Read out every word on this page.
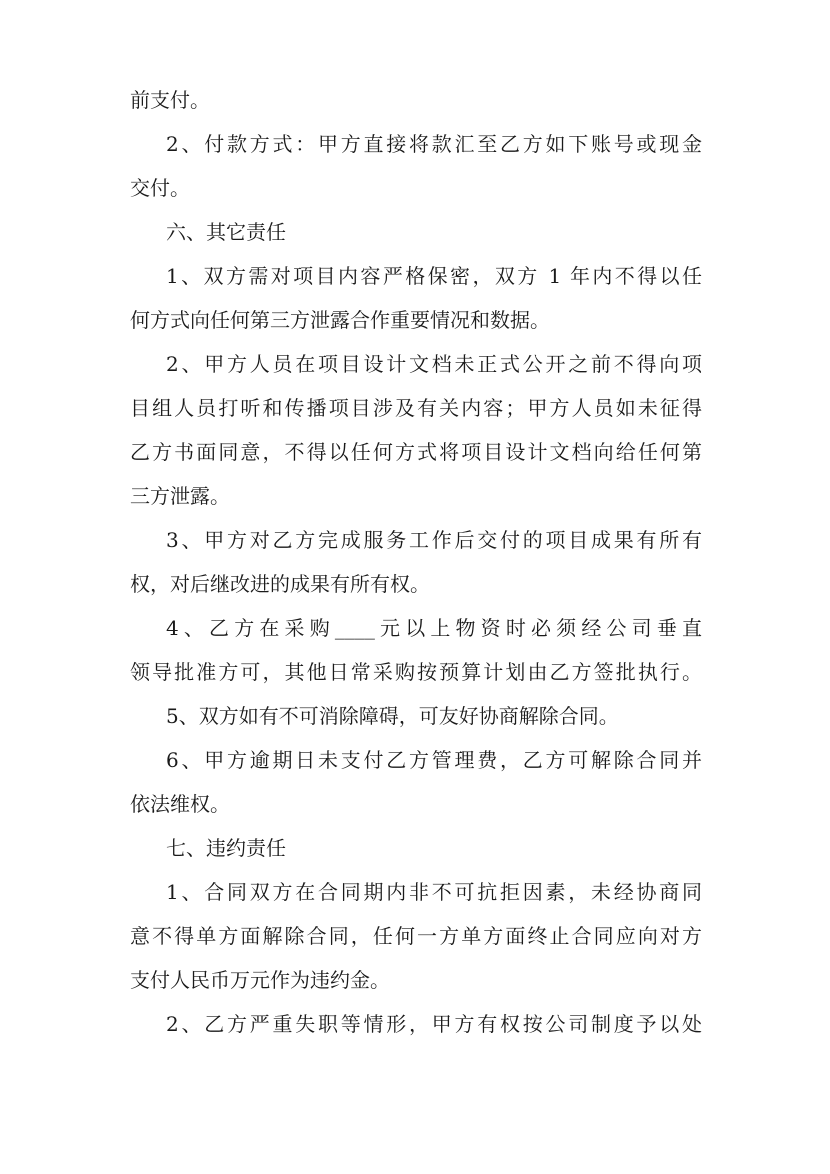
前支付。
2、付款方式：甲方直接将款汇至乙方如下账号或现金
交付。
六、其它责任
1、双方需对项目内容严格保密，双方 1 年内不得以任
何方式向任何第三方泄露合作重要情况和数据。
2、甲方人员在项目设计文档未正式公开之前不得向项
目组人员打听和传播项目涉及有关内容；甲方人员如未征得
乙方书面同意，不得以任何方式将项目设计文档向给任何第
三方泄露。
3、甲方对乙方完成服务工作后交付的项目成果有所有
权，对后继改进的成果有所有权。
4、乙方在采购____元以上物资时必须经公司垂直
领导批准方可，其他日常采购按预算计划由乙方签批执行。
5、双方如有不可消除障碍，可友好协商解除合同。
6、甲方逾期日未支付乙方管理费，乙方可解除合同并
依法维权。
七、违约责任
1、合同双方在合同期内非不可抗拒因素，未经协商同
意不得单方面解除合同，任何一方单方面终止合同应向对方
支付人民币万元作为违约金。
2、乙方严重失职等情形，甲方有权按公司制度予以处
